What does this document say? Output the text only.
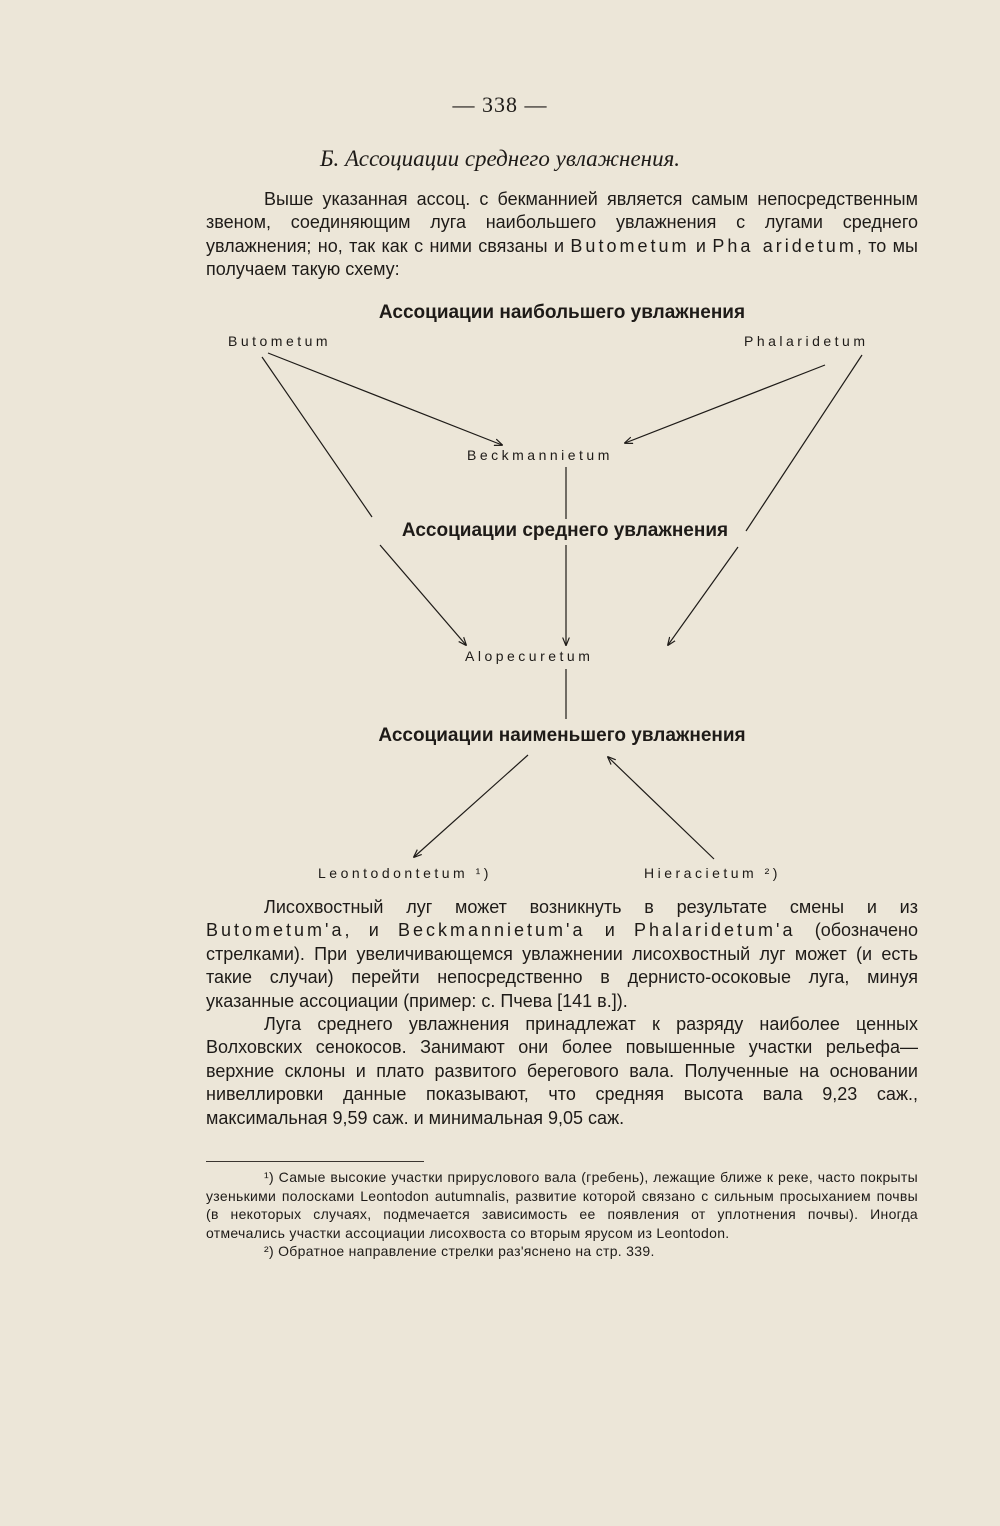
— 338 —
Б. Ассоциации среднего увлажнения.

Выше указанная ассоц. с бекманнией является самым непосредственным звеном, соединяющим луга наибольшего увлажнения с лугами среднего увлажнения; но, так как с ними связаны и Butometum и Pha aridetum, то мы получаем такую схему:

Ассоциации наибольшего увлажнения
Ассоциации среднего увлажнения
Ассоциации наименьшего увлажнения
Butometum	Phalaridetum
Beckmannietum
Alopecuretum
Leontodontetum ¹)	Hieracietum ²)

Лисохвостный луг может возникнуть в результате смены и из Butometum'a, и Beckmannietum'a и Phalaridetum'a (обозначено стрелками). При увеличивающемся увлажнении лисохвостный луг может (и есть такие случаи) перейти непосредственно в дернисто-осоковые луга, минуя указанные ассоциации (пример: с. Пчева [141 в.]).

Луга среднего увлажнения принадлежат к разряду наиболее ценных Волховских сенокосов. Занимают они более повышенные участки рельефа—верхние склоны и плато развитого берегового вала. Полученные на основании нивеллировки данные показывают, что средняя высота вала 9,23 саж., максимальная 9,59 саж. и минимальная 9,05 саж.

¹) Самые высокие участки прируслового вала (гребень), лежащие ближе к реке, часто покрыты узенькими полосками Leontodon autumnalis, развитие которой связано с сильным просыханием почвы (в некоторых случаях, подмечается зависимость ее появления от уплотнения почвы). Иногда отмечались участки ассоциации лисохвоста со вторым ярусом из Leontodon.

²) Обратное направление стрелки раз'яснено на стр. 339.
